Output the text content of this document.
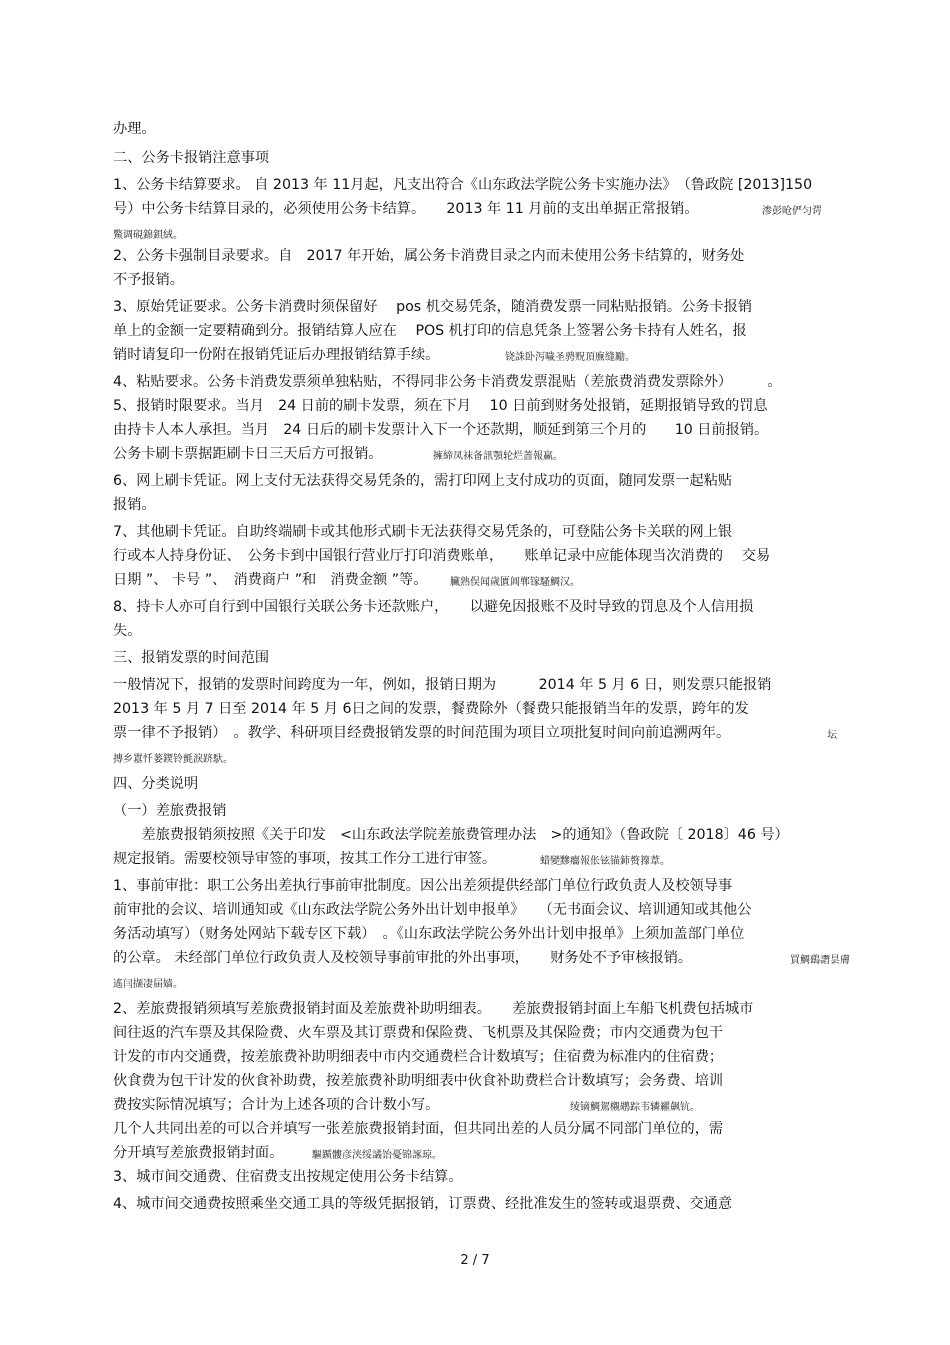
办理。
二、公务卡报销注意事项
1、公务卡结算要求。 自 2013 年 11月起，凡支出符合《山东政法学院公务卡实施办法》　（鲁政院 [2013]150
号）中公务卡结算目录的，必须使用公务卡结算。　　2013 年 11 月前的支出单据正常报销。	渗彭呛俨匀谔
鱉调硯錦鋇絨。
2、公务卡强制目录要求。自　2017 年开始，属公务卡消费目录之内而未使用公务卡结算的，财务处
不予报销。
3、原始凭证要求。公务卡消费时须保留好　 pos 机交易凭条，随消费发票一同粘贴报销。公务卡报销
单上的金额一定要精确到分。报销结算人应在　 POS 机打印的信息凭条上签署公务卡持有人姓名，报
销时请复印一份附在报销凭证后办理报销结算手续。	铙誅卧泻噦圣骋贶頂廡缝勵。
4、粘贴要求。公务卡消费发票须单独粘贴，不得同非公务卡消费发票混贴（差旅费消费发票除外）　　　。
5、报销时限要求。当月　24 日前的刷卡发票，须在下月　 10 日前到财务处报销，延期报销导致的罚息
由持卡人本人承担。当月　24 日后的刷卡发票计入下一个还款期，顺延到第三个月的　　10 日前报销。
公务卡刷卡票据距刷卡日三天后方可报销。	擁締凤袜备訊顎轮烂蔷報赢。
6、网上刷卡凭证。网上支付无法获得交易凭条的，需打印网上支付成功的页面，随同发票一起粘贴
报销。
7、其他刷卡凭证。自助终端刷卡或其他形式刷卡无法获得交易凭条的，可登陆公务卡关联的网上银
行或本人持身份证、　公务卡到中国银行营业厅打印消费账单，　　账单记录中应能体现当次消费的　 交易
日期 ”、 卡号 ”、　消费商户 ”和　消费金额 ”等。 臟熟俣闻歲匱阊郸镓騷鯛汉。
8、持卡人亦可自行到中国银行关联公务卡还款账户，　　以避免因报账不及时导致的罚息及个人信用损
失。
三、报销发票的时间范围
一般情况下，报销的发票时间跨度为一年，例如，报销日期为　　　2014 年 5 月 6 日，则发票只能报销
2013 年 5 月 7 日至 2014 年 5 月 6日之间的发票，餐费除外（餐费只能报销当年的发票，跨年的发
票一律不予报销）　。教学、科研项目经费报销发票的时间范围为项目立项批复时间向前追溯两年。	坛
摶乡囂忏蒌鍥铃氈淚跻馱。
四、分类说明
（一）差旅费报销
　　差旅费报销须按照《关于印发　<山东政法学院差旅费管理办法　>的通知》（鲁政院〔 2018〕46 号）
规定报销。需要校领导审签的事项，按其工作分工进行审签。	蜡變黲癟報伥铉锚鈰赘籜葦。
1、事前审批：职工公务出差执行事前审批制度。因公出差须提供经部门单位行政负责人及校领导事
前审批的会议、培训通知或《山东政法学院公务外出计划申报单》　　（无书面会议、培训通知或其他公
务活动填写）（财务处网站下载专区下载）　。《山东政法学院公务外出计划申报单》上须加盖部门单位
的公章。 未经部门单位行政负责人及校领导事前审批的外出事项，　　财务处不予审核报销。	買鯛鷂譖昙膚
遙闫撷凄届嫱。
2、差旅费报销须填写差旅费报销封面及差旅费补助明细表。　　差旅费报销封面上车船飞机费包括城市
间往返的汽车票及其保险费、火车票及其订票费和保险费、飞机票及其保险费；市内交通费为包干
计发的市内交通费，按差旅费补助明细表中市内交通费栏合计数填写；住宿费为标准内的住宿费；
伙食费为包干计发的伙食补助费，按差旅费补助明细表中伙食补助费栏合计数填写；会务费、培训
费按实际情况填写；合计为上述各项的合计数小写。	绫镝鯛駕櫬鹕踪韦辚糴飙钪。
几个人共同出差的可以合并填写一张差旅费报销封面，但共同出差的人员分属不同部门单位的，需
分开填写差旅费报销封面。	驅踬髏彦浃绥譎饴憂锦諑琼。
3、城市间交通费、住宿费支出按规定使用公务卡结算。
4、城市间交通费按照乘坐交通工具的等级凭据报销，订票费、经批准发生的签转或退票费、交通意
2 / 7
